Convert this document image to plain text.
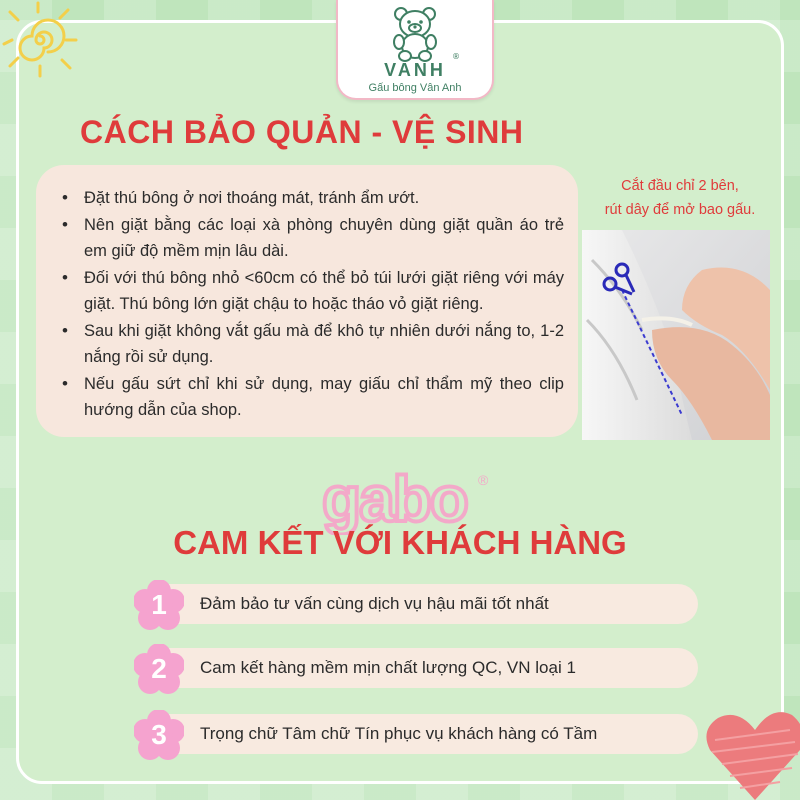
®
VANH
Gấu bông Vân Anh
CÁCH BẢO QUẢN - VỆ SINH
• Đặt thú bông ở nơi thoáng mát, tránh ẩm ướt.
• Nên giặt bằng các loại xà phòng chuyên dùng giặt quần áo trẻ em giữ độ mềm mịn lâu dài.
• Đối với thú bông nhỏ <60cm có thể bỏ túi lưới giặt riêng với máy giặt. Thú bông lớn giặt chậu to hoặc tháo vỏ giặt riêng.
• Sau khi giặt không vắt gấu mà để khô tự nhiên dưới nắng to, 1-2 nắng rồi sử dụng.
• Nếu gấu sứt chỉ khi sử dụng, may giấu chỉ thẩm mỹ theo clip hướng dẫn của shop.
Cắt đầu chỉ 2 bên,
rút dây để mở bao gấu.
gabo ®
CAM KẾT VỚI KHÁCH HÀNG
Đảm bảo tư vấn cùng dịch vụ hậu mãi tốt nhất
Cam kết hàng mềm mịn chất lượng QC, VN loại 1
Trọng chữ Tâm chữ Tín phục vụ khách hàng có Tầm
1
2
3
